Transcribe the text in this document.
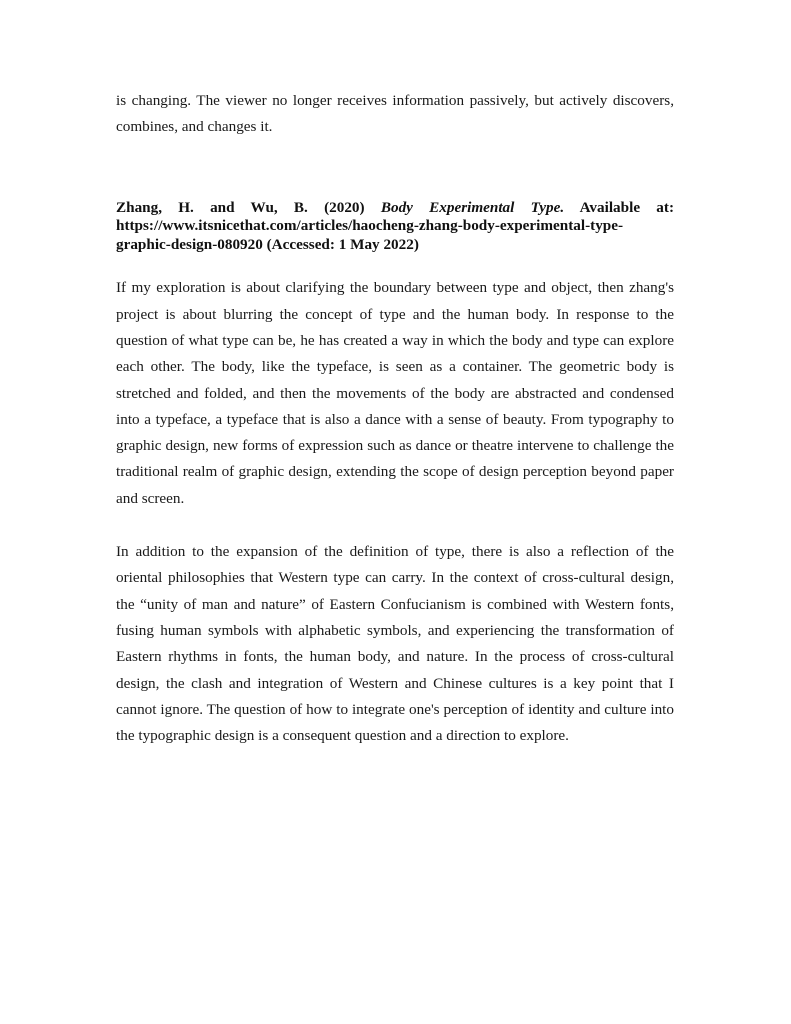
is changing. The viewer no longer receives information passively, but actively discovers, combines, and changes it.

Zhang, H. and Wu, B. (2020) Body Experimental Type. Available at: https://www.itsnicethat.com/articles/haocheng-zhang-body-experimental-type-graphic-design-080920 (Accessed: 1 May 2022)

If my exploration is about clarifying the boundary between type and object, then zhang's project is about blurring the concept of type and the human body. In response to the question of what type can be, he has created a way in which the body and type can explore each other. The body, like the typeface, is seen as a container. The geometric body is stretched and folded, and then the movements of the body are abstracted and condensed into a typeface, a typeface that is also a dance with a sense of beauty. From typography to graphic design, new forms of expression such as dance or theatre intervene to challenge the traditional realm of graphic design, extending the scope of design perception beyond paper and screen.

In addition to the expansion of the definition of type, there is also a reflection of the oriental philosophies that Western type can carry. In the context of cross-cultural design, the “unity of man and nature” of Eastern Confucianism is combined with Western fonts, fusing human symbols with alphabetic symbols, and experiencing the transformation of Eastern rhythms in fonts, the human body, and nature. In the process of cross-cultural design, the clash and integration of Western and Chinese cultures is a key point that I cannot ignore. The question of how to integrate one's perception of identity and culture into the typographic design is a consequent question and a direction to explore.
